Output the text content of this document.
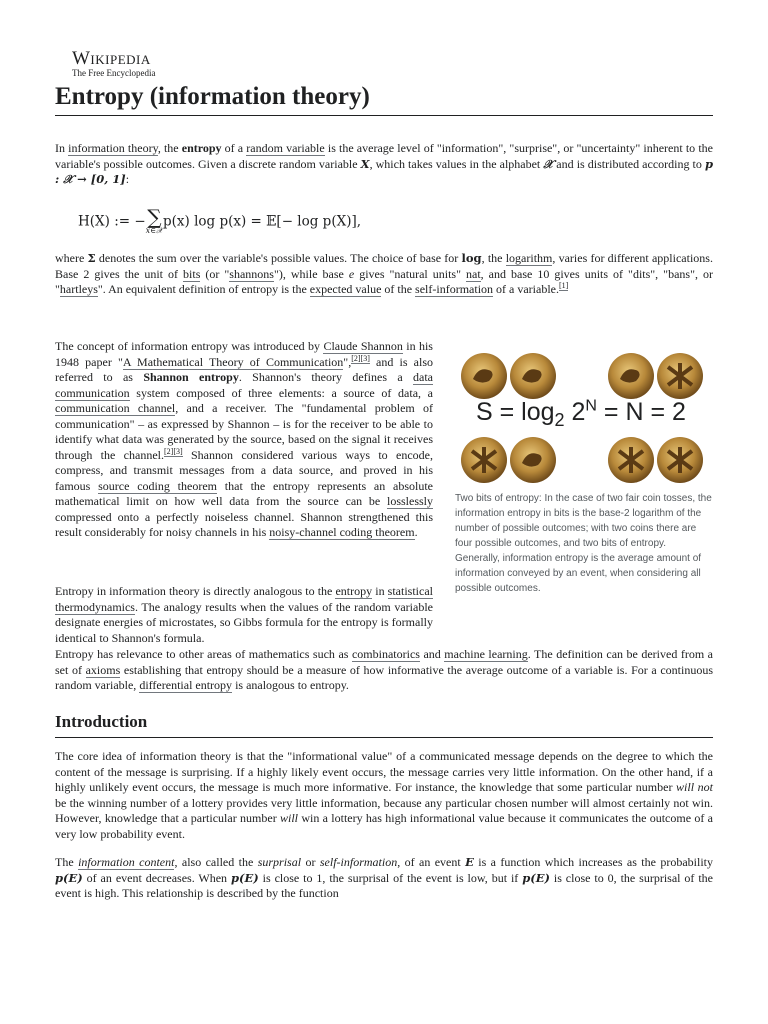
Wikipedia
The Free Encyclopedia
Entropy (information theory)
In information theory, the entropy of a random variable is the average level of "information", "surprise", or "uncertainty" inherent to the variable's possible outcomes. Given a discrete random variable X, which takes values in the alphabet 𝒳 and is distributed according to p : 𝒳 → [0, 1]:
H(X) := − ∑
x∈𝒳
p(x) log p(x) = 𝔼[− log p(X)],
where Σ denotes the sum over the variable's possible values. The choice of base for log, the logarithm, varies for different applications. Base 2 gives the unit of bits (or "shannons"), while base e gives "natural units" nat, and base 10 gives units of "dits", "bans", or "hartleys". An equivalent definition of entropy is the expected value of the self-information of a variable.[1]
The concept of information entropy was introduced by Claude Shannon in his 1948 paper "A Mathematical Theory of Communication",[2][3] and is also referred to as Shannon entropy. Shannon's theory defines a data communication system composed of three elements: a source of data, a communication channel, and a receiver. The "fundamental problem of communication" – as expressed by Shannon – is for the receiver to be able to identify what data was generated by the source, based on the signal it receives through the channel.[2][3] Shannon considered various ways to encode, compress, and transmit messages from a data source, and proved in his famous source coding theorem that the entropy represents an absolute mathematical limit on how well data from the source can be losslessly compressed onto a perfectly noiseless channel. Shannon strengthened this result considerably for noisy channels in his noisy-channel coding theorem.
Entropy in information theory is directly analogous to the entropy in statistical thermodynamics. The analogy results when the values of the random variable designate energies of microstates, so Gibbs formula for the entropy is formally identical to Shannon's formula.
Entropy has relevance to other areas of mathematics such as combinatorics and machine learning. The definition can be derived from a set of axioms establishing that entropy should be a measure of how informative the average outcome of a variable is. For a continuous random variable, differential entropy is analogous to entropy.
$S = \log_2 2^N = N = 2$
Two bits of entropy: In the case of two fair coin tosses, the information entropy in bits is the base-2 logarithm of the number of possible outcomes; with two coins there are four possible outcomes, and two bits of entropy. Generally, information entropy is the average amount of information conveyed by an event, when considering all possible outcomes.
Introduction
The core idea of information theory is that the "informational value" of a communicated message depends on the degree to which the content of the message is surprising. If a highly likely event occurs, the message carries very little information. On the other hand, if a highly unlikely event occurs, the message is much more informative. For instance, the knowledge that some particular number will not be the winning number of a lottery provides very little information, because any particular chosen number will almost certainly not win. However, knowledge that a particular number will win a lottery has high informational value because it communicates the outcome of a very low probability event.
The information content, also called the surprisal or self-information, of an event E is a function which increases as the probability p(E) of an event decreases. When p(E) is close to 1, the surprisal of the event is low, but if p(E) is close to 0, the surprisal of the event is high. This relationship is described by the function
